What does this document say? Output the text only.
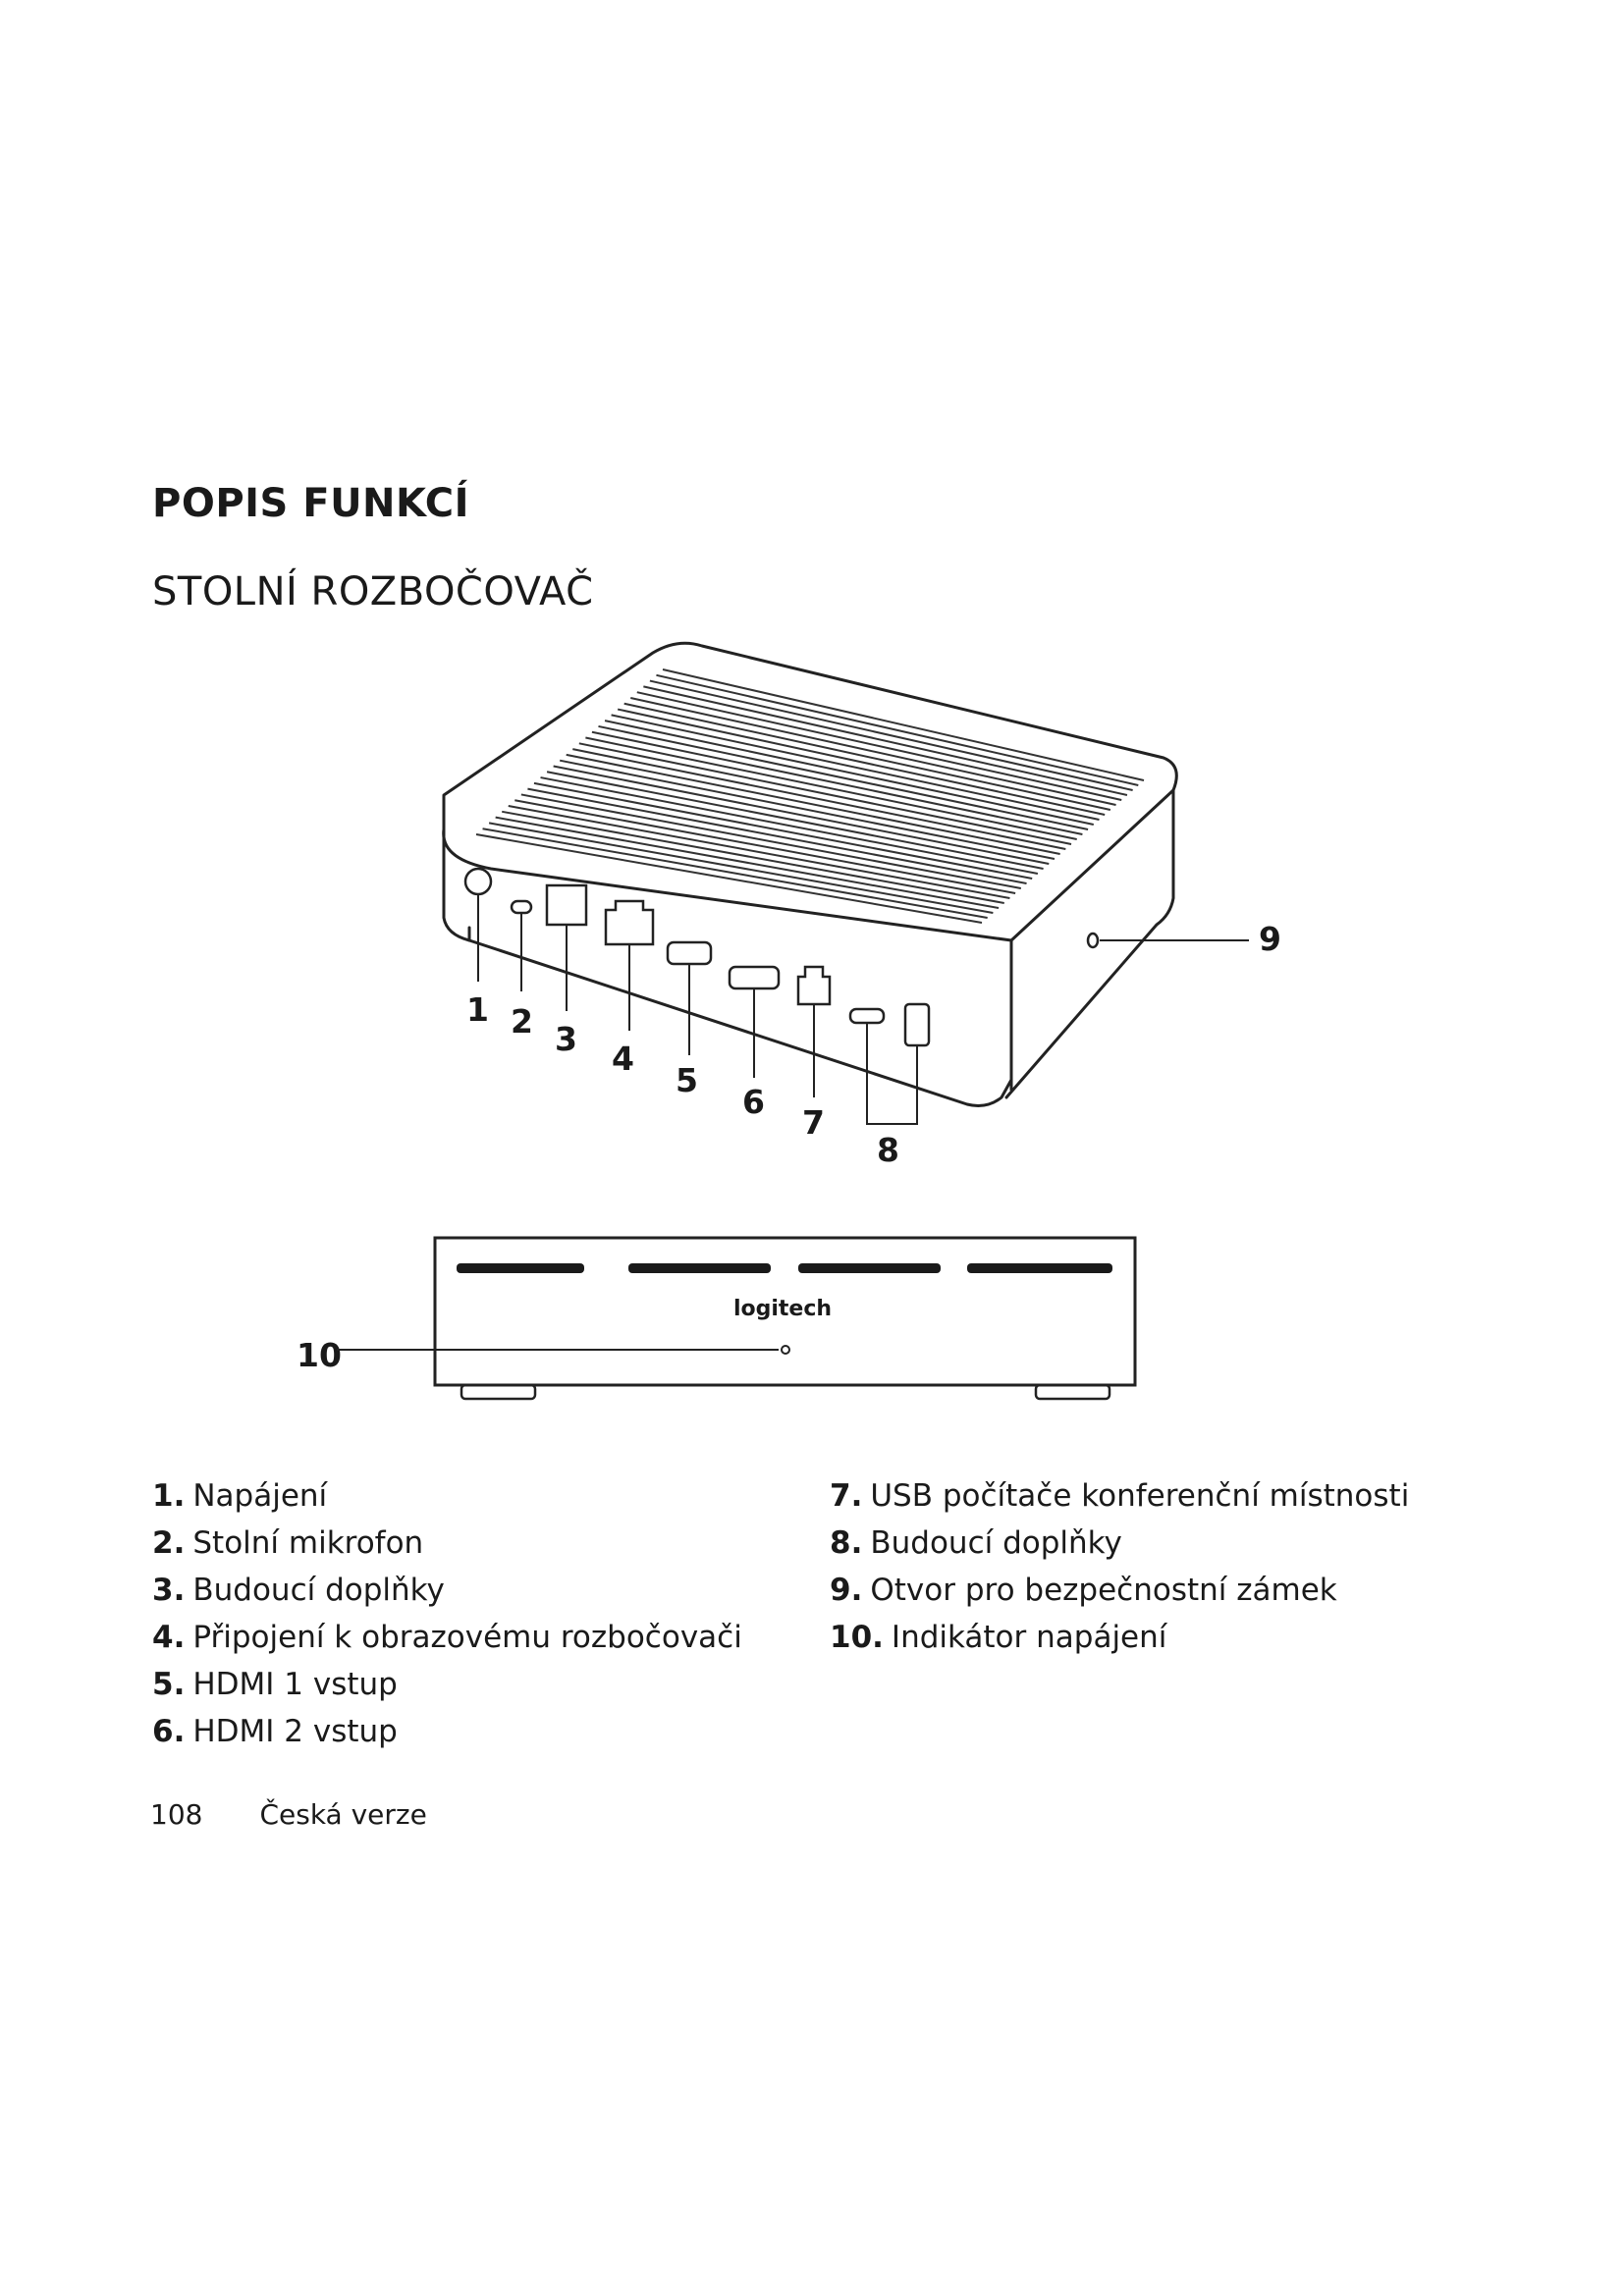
POPIS FUNKCÍ
STOLNÍ ROZBOČOVAČ
1 2 3
4
5
6
7
8
9
10
logitech
1. Napájení
2. Stolní mikrofon
3. Budoucí doplňky
4. Připojení k obrazovému rozbočovači
5. HDMI 1 vstup
6. HDMI 2 vstup
7. USB počítače konferenční místnosti
8. Budoucí doplňky
9. Otvor pro bezpečnostní zámek
10. Indikátor napájení
108 Česká verze
